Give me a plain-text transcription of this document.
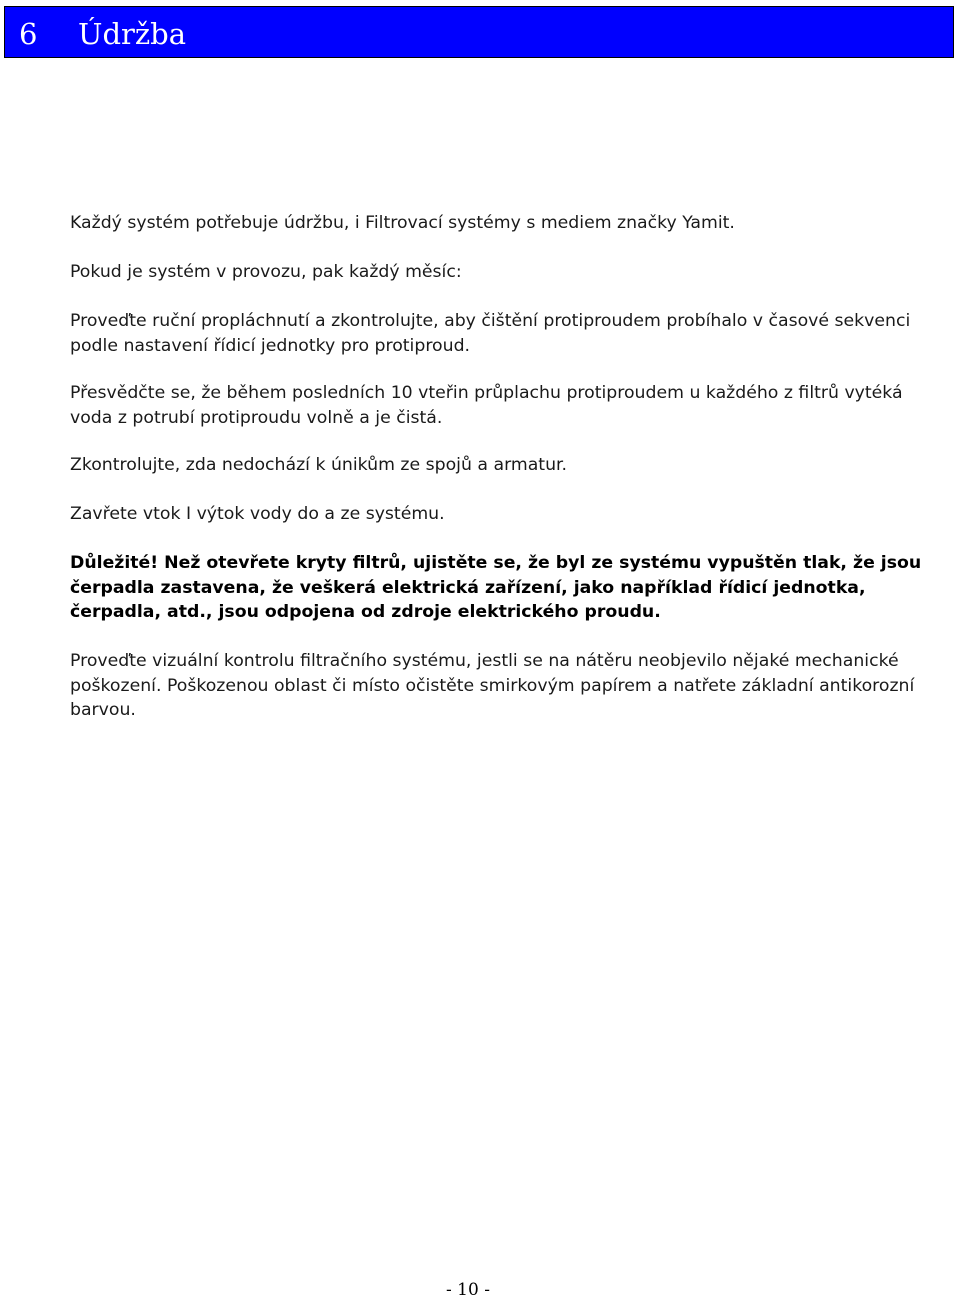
6 Údržba

Každý systém potřebuje údržbu, i Filtrovací systémy s mediem značky Yamit.

Pokud je systém v provozu, pak každý měsíc:

Proveďte ruční propláchnutí a zkontrolujte, aby čištění protiproudem probíhalo v časové sekvenci
podle nastavení řídicí jednotky pro protiproud.

Přesvědčte se, že během posledních 10 vteřin průplachu protiproudem u každého z filtrů vytéká
voda z potrubí protiproudu volně a je čistá.

Zkontrolujte, zda nedochází k únikům ze spojů a armatur.

Zavřete vtok I výtok vody do a ze systému.

Důležité! Než otevřete kryty filtrů, ujistěte se, že byl ze systému vypuštěn tlak, že jsou
čerpadla zastavena, že veškerá elektrická zařízení, jako například řídicí jednotka,
čerpadla, atd., jsou odpojena od zdroje elektrického proudu.

Proveďte vizuální kontrolu filtračního systému, jestli se na nátěru neobjevilo nějaké mechanické
poškození. Poškozenou oblast či místo očistěte smirkovým papírem a natřete základní antikorozní
barvou.

- 10 -
